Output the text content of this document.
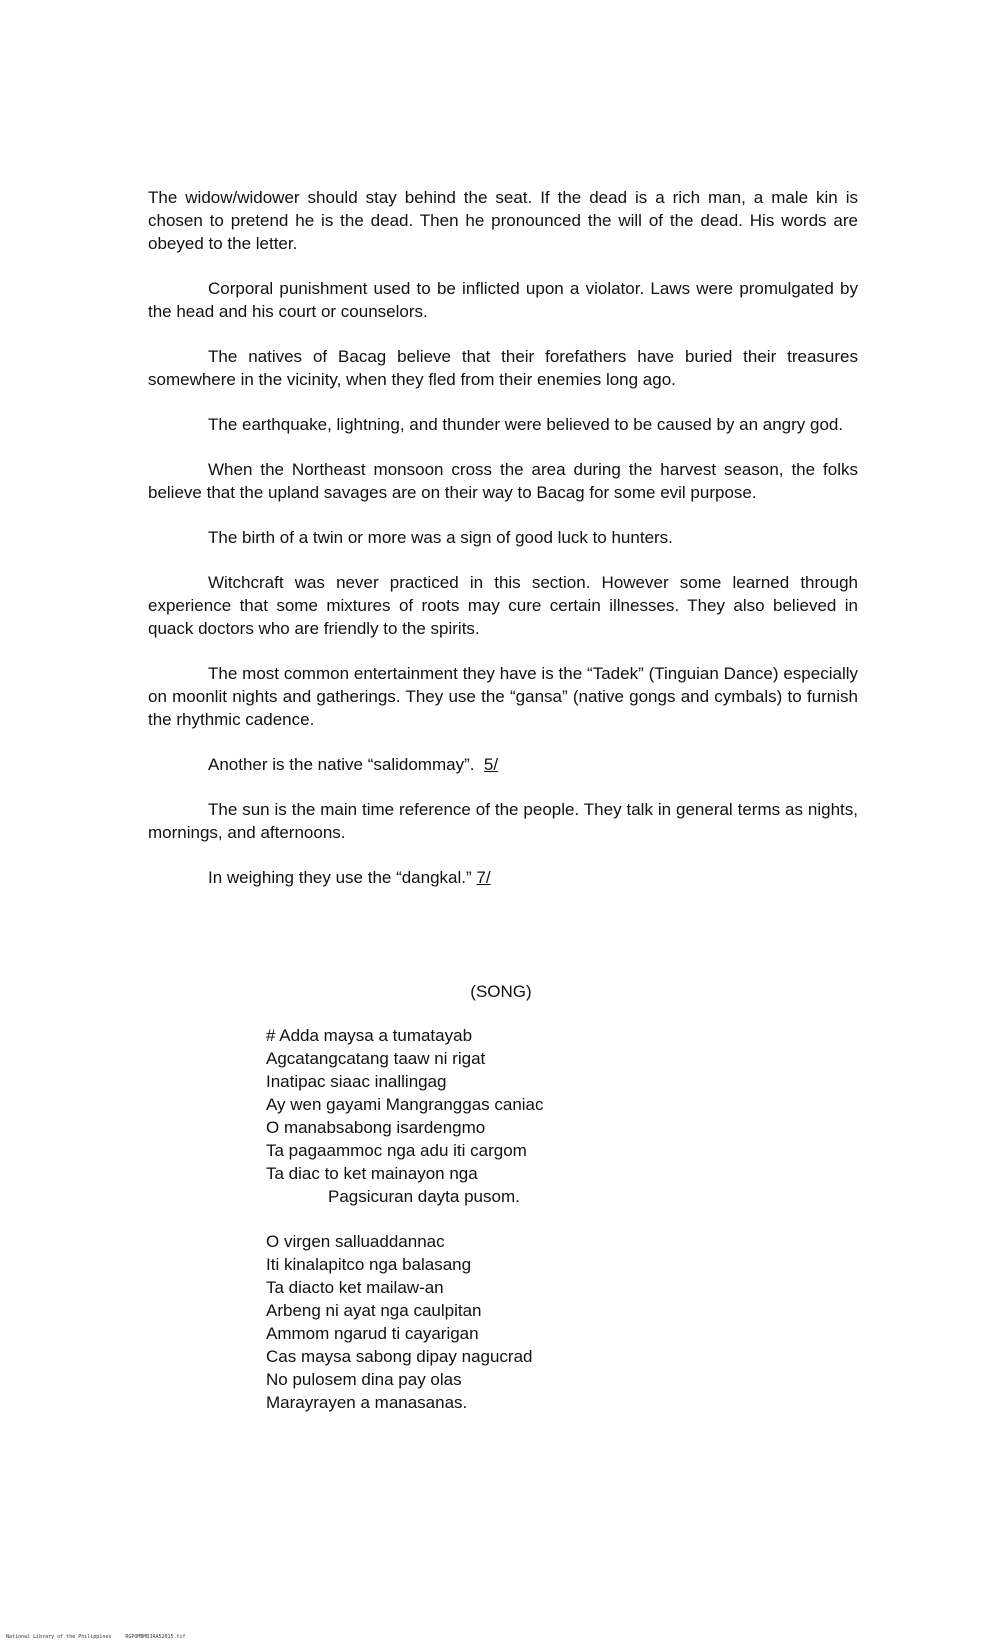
The widow/widower should stay behind the seat. If the dead is a rich man, a male kin is chosen to pretend he is the dead. Then he pronounced the will of the dead. His words are obeyed to the letter.

Corporal punishment used to be inflicted upon a violator. Laws were promulgated by the head and his court or counselors.

The natives of Bacag believe that their forefathers have buried their treasures somewhere in the vicinity, when they fled from their enemies long ago.

The earthquake, lightning, and thunder were believed to be caused by an angry god.

When the Northeast monsoon cross the area during the harvest season, the folks believe that the upland savages are on their way to Bacag for some evil purpose.

The birth of a twin or more was a sign of good luck to hunters.

Witchcraft was never practiced in this section. However some learned through experience that some mixtures of roots may cure certain illnesses. They also believed in quack doctors who are friendly to the spirits.

The most common entertainment they have is the “Tadek” (Tinguian Dance) especially on moonlit nights and gatherings. They use the “gansa” (native gongs and cymbals) to furnish the rhythmic cadence.

Another is the native “salidommay”. 5/

The sun is the main time reference of the people. They talk in general terms as nights, mornings, and afternoons.

In weighing they use the “dangkal.” 7/

(SONG)
# Adda maysa a tumatayab
Agcatangcatang taaw ni rigat
Inatipac siaac inallingag
Ay wen gayami Mangranggas caniac
O manabsabong isardengmo
Ta pagaammoc nga adu iti cargom
Ta diac to ket mainayon nga
Pagsicuran dayta pusom.
O virgen salluaddannac
Iti kinalapitco nga balasang
Ta diacto ket mailaw-an
Arbeng ni ayat nga caulpitan
Ammom ngarud ti cayarigan
Cas maysa sabong dipay nagucrad
No pulosem dina pay olas
Marayrayen a manasanas.
National Library of the Philippines	RGPOMBMDJAA52015.tif
